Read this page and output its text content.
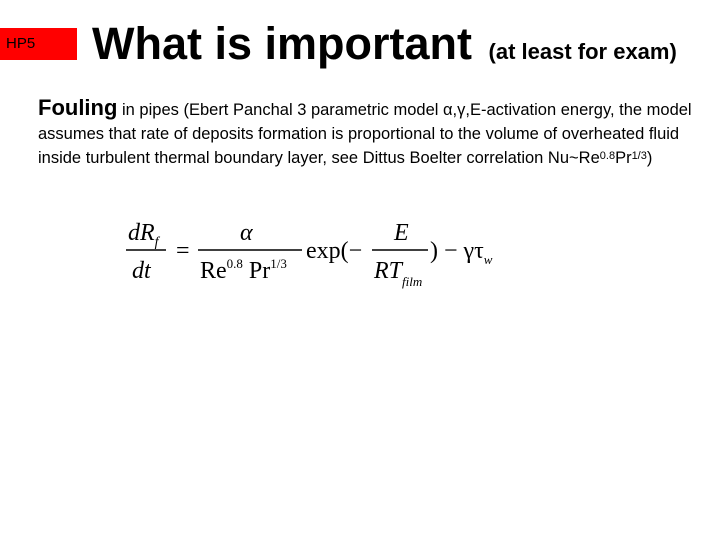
HP5	What is important (at least for exam)
Fouling in pipes (Ebert Panchal 3 parametric model α,γ,E-activation energy, the model assumes that rate of deposits formation is proportional to the volume of overheated fluid inside turbulent thermal boundary layer, see Dittus Boelter correlation $Nu\sim Re^{0.8}Pr^{1/3}$)
$dR_f$
dt
=
α
$Re^{0.8}$ $Pr^{1/3}$ exp(−
E
$RT_{film}$
) − $\gamma\tau_w$
